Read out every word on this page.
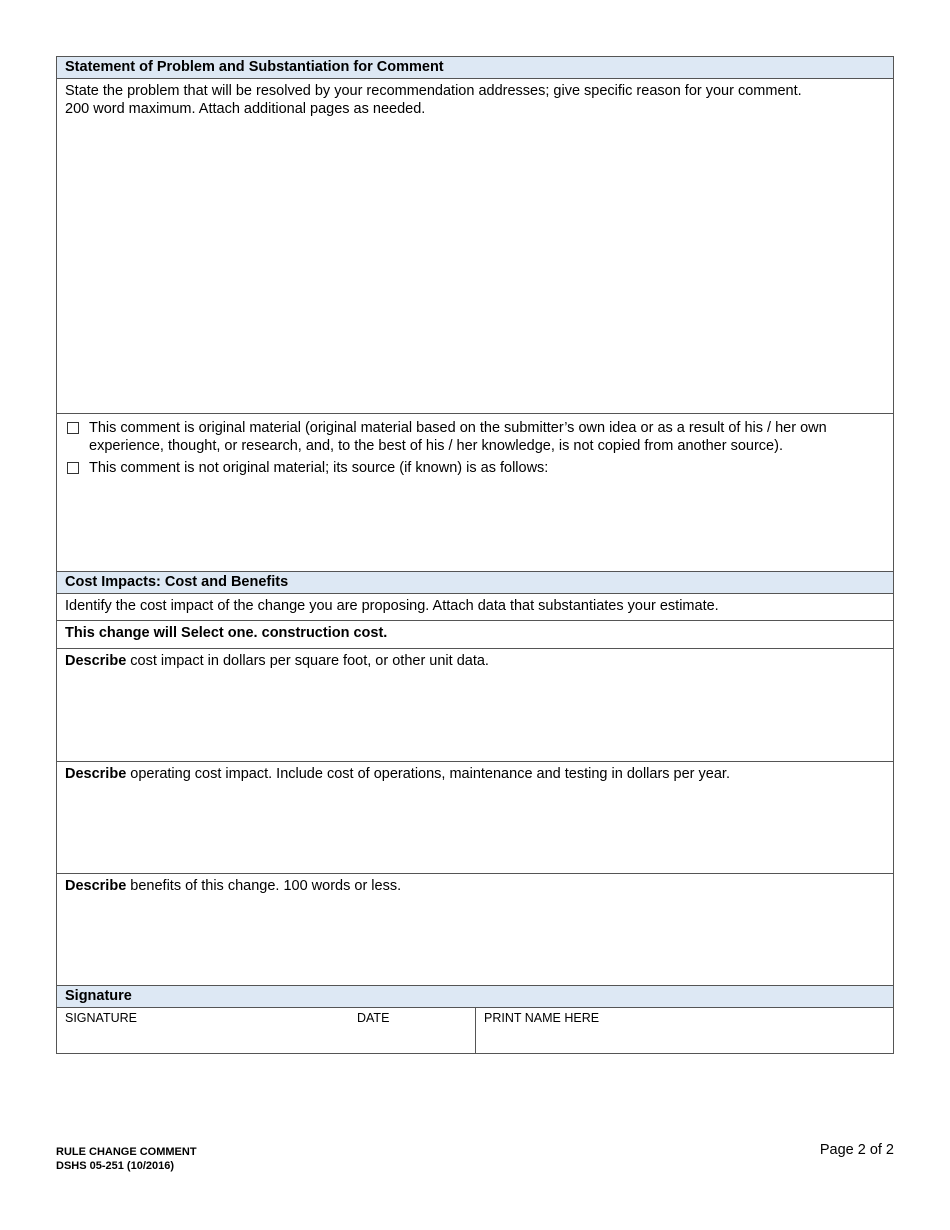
Statement of Problem and Substantiation for Comment
State the problem that will be resolved by your recommendation addresses; give specific reason for your comment.
200 word maximum. Attach additional pages as needed.
This comment is original material (original material based on the submitter’s own idea or as a result of his / her own
experience, thought, or research, and, to the best of his / her knowledge, is not copied from another source).
This comment is not original material; its source (if known) is as follows:
Cost Impacts: Cost and Benefits
Identify the cost impact of the change you are proposing. Attach data that substantiates your estimate.
This change will Select one. construction cost.
Describe cost impact in dollars per square foot, or other unit data.
Describe operating cost impact. Include cost of operations, maintenance and testing in dollars per year.
Describe benefits of this change. 100 words or less.
Signature
SIGNATURE	DATE	PRINT NAME HERE
RULE CHANGE COMMENT
DSHS 05-251 (10/2016)
Page 2 of 2
